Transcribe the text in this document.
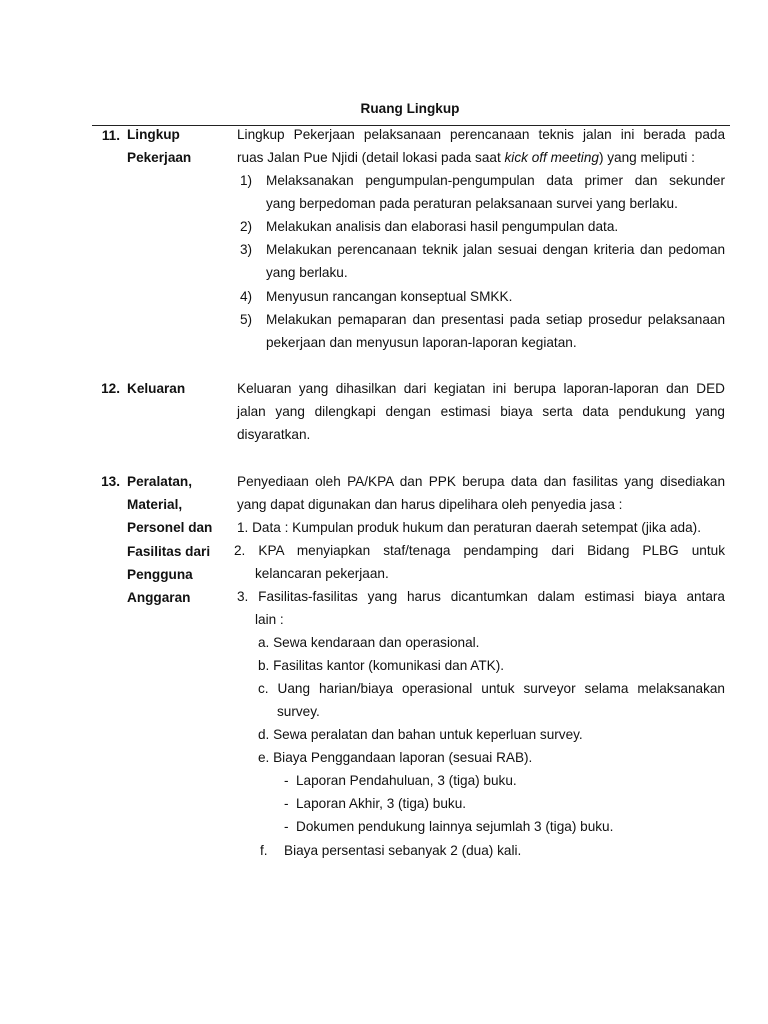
Ruang Lingkup
11. Lingkup
Pekerjaan
Lingkup Pekerjaan pelaksanaan perencanaan teknis jalan ini berada pada
ruas Jalan Pue Njidi (detail lokasi pada saat kick off meeting) yang meliputi :
1) Melaksanakan pengumpulan-pengumpulan data primer dan sekunder
yang berpedoman pada peraturan pelaksanaan survei yang berlaku.
2) Melakukan analisis dan elaborasi hasil pengumpulan data.
3) Melakukan perencanaan teknik jalan sesuai dengan kriteria dan pedoman
yang berlaku.
4) Menyusun rancangan konseptual SMKK.
5) Melakukan pemaparan dan presentasi pada setiap prosedur pelaksanaan
pekerjaan dan menyusun laporan-laporan kegiatan.
12. Keluaran	Keluaran yang dihasilkan dari kegiatan ini berupa laporan-laporan dan DED
jalan yang dilengkapi dengan estimasi biaya serta data pendukung yang
disyaratkan.
13. Peralatan,
Material,
Personel dan
Fasilitas dari
Pengguna
Anggaran
Penyediaan oleh PA/KPA dan PPK berupa data dan fasilitas yang disediakan
yang dapat digunakan dan harus dipelihara oleh penyedia jasa :
1. Data : Kumpulan produk hukum dan peraturan daerah setempat (jika ada).
2. KPA menyiapkan staf/tenaga pendamping dari Bidang PLBG untuk
kelancaran pekerjaan.
3. Fasilitas-fasilitas yang harus dicantumkan dalam estimasi biaya antara
lain :
a. Sewa kendaraan dan operasional.
b. Fasilitas kantor (komunikasi dan ATK).
c. Uang harian/biaya operasional untuk surveyor selama melaksanakan
survey.
d. Sewa peralatan dan bahan untuk keperluan survey.
e. Biaya Penggandaan laporan (sesuai RAB).
- Laporan Pendahuluan, 3 (tiga) buku.
- Laporan Akhir, 3 (tiga) buku.
- Dokumen pendukung lainnya sejumlah 3 (tiga) buku.
f. Biaya persentasi sebanyak 2 (dua) kali.
